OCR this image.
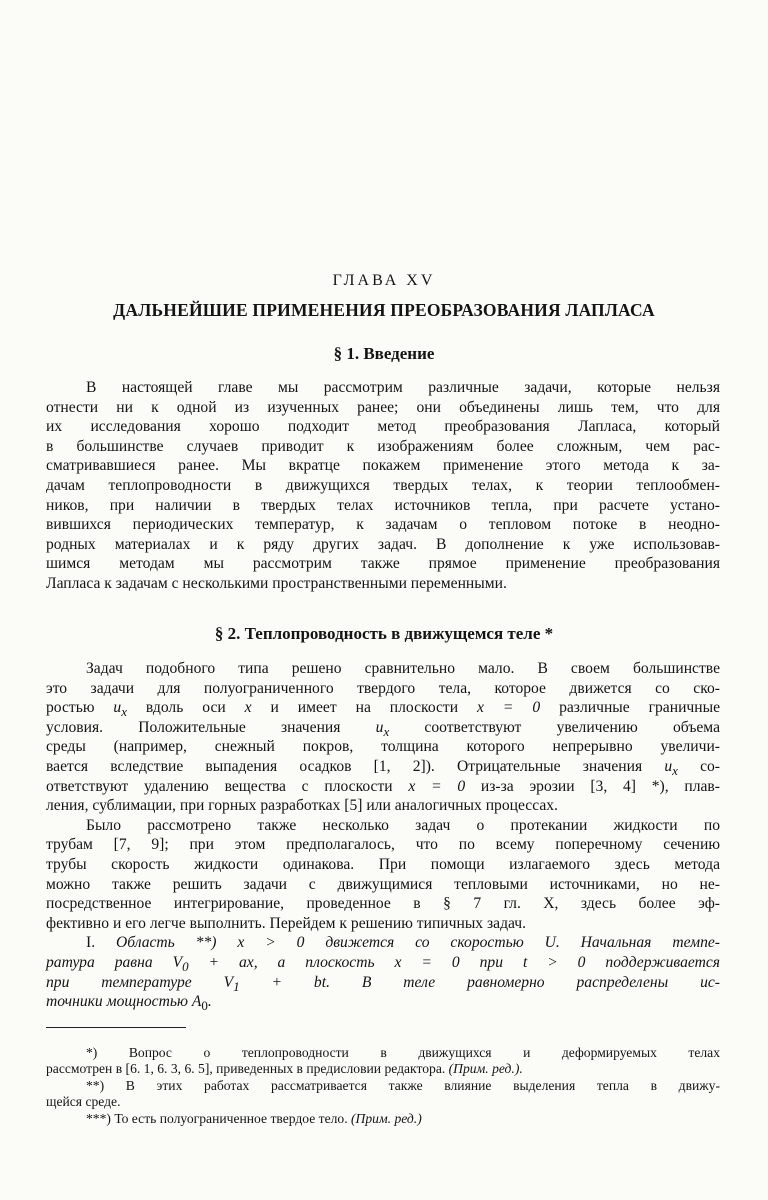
ГЛАВА XV
ДАЛЬНЕЙШИЕ ПРИМЕНЕНИЯ ПРЕОБРАЗОВАНИЯ ЛАПЛАСА
§ 1. Введение
В настоящей главе мы рассмотрим различные задачи, которые нельзя
отнести ни к одной из изученных ранее; они объединены лишь тем, что для
их исследования хорошо подходит метод преобразования Лапласа, который
в большинстве случаев приводит к изображениям более сложным, чем рас-
сматривавшиеся ранее. Мы вкратце покажем применение этого метода к за-
дачам теплопроводности в движущихся твердых телах, к теории теплообмен-
ников, при наличии в твердых телах источников тепла, при расчете устано-
вившихся периодических температур, к задачам о тепловом потоке в неодно-
родных материалах и к ряду других задач. В дополнение к уже использовав-
шимся методам мы рассмотрим также прямое применение преобразования
Лапласа к задачам с несколькими пространственными переменными.
§ 2. Теплопроводность в движущемся теле *
Задач подобного типа решено сравнительно мало. В своем большинстве
это задачи для полуограниченного твердого тела, которое движется со ско-
ростью $u_x$ вдоль оси x и имеет на плоскости x = 0 различные граничные
условия. Положительные значения $u_x$ соответствуют увеличению объема
среды (например, снежный покров, толщина которого непрерывно увеличи-
вается вследствие выпадения осадков [1, 2]). Отрицательные значения $u_x$ со-
ответствуют удалению вещества с плоскости x = 0 из-за эрозии [3, 4] *), плав-
ления, сублимации, при горных разработках [5] или аналогичных процессах.
Было рассмотрено также несколько задач о протекании жидкости по
трубам [7, 9]; при этом предполагалось, что по всему поперечному сечению
трубы скорость жидкости одинакова. При помощи излагаемого здесь метода
можно также решить задачи с движущимися тепловыми источниками, но не-
посредственное интегрирование, проведенное в § 7 гл. X, здесь более эф-
фективно и его легче выполнить. Перейдем к решению типичных задач.
I. Область **) x > 0 движется со скоростью U. Начальная темпе-
ратура равна $V_0$ + ax, а плоскость x = 0 при t > 0 поддерживается
при температуре $V_1$ + bt. В теле равномерно распределены ис-
точники мощностью $A_0$.
*) Вопрос о теплопроводности в движущихся и деформируемых телах
рассмотрен в [6. 1, 6. 3, 6. 5], приведенных в предисловии редактора. (Прим. ред.).
**) В этих работах рассматривается также влияние выделения тепла в движу-
щейся среде.
***) То есть полуограниченное твердое тело. (Прим. ред.)
